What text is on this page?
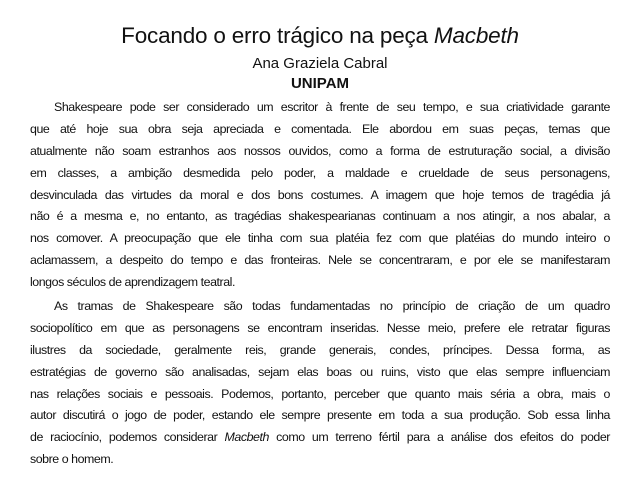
Focando o erro trágico na peça Macbeth
Ana Graziela Cabral
UNIPAM
Shakespeare pode ser considerado um escritor à frente de seu tempo, e sua criatividade garante
que até hoje sua obra seja apreciada e comentada. Ele abordou em suas peças, temas que
atualmente não soam estranhos aos nossos ouvidos, como a forma de estruturação social, a divisão
em classes, a ambição desmedida pelo poder, a maldade e crueldade de seus personagens,
desvinculada das virtudes da moral e dos bons costumes. A imagem que hoje temos de tragédia já
não é a mesma e, no entanto, as tragédias shakespearianas continuam a nos atingir, a nos abalar, a
nos comover. A preocupação que ele tinha com sua platéia fez com que platéias do mundo inteiro o
aclamassem, a despeito do tempo e das fronteiras. Nele se concentraram, e por ele se manifestaram
longos séculos de aprendizagem teatral.
As tramas de Shakespeare são todas fundamentadas no princípio de criação de um quadro
sociopolítico em que as personagens se encontram inseridas. Nesse meio, prefere ele retratar figuras
ilustres da sociedade, geralmente reis, grande generais, condes, príncipes. Dessa forma, as
estratégias de governo são analisadas, sejam elas boas ou ruins, visto que elas sempre influenciam
nas relações sociais e pessoais. Podemos, portanto, perceber que quanto mais séria a obra, mais o
autor discutirá o jogo de poder, estando ele sempre presente em toda a sua produção. Sob essa linha
de raciocínio, podemos considerar Macbeth como um terreno fértil para a análise dos efeitos do poder
sobre o homem.
